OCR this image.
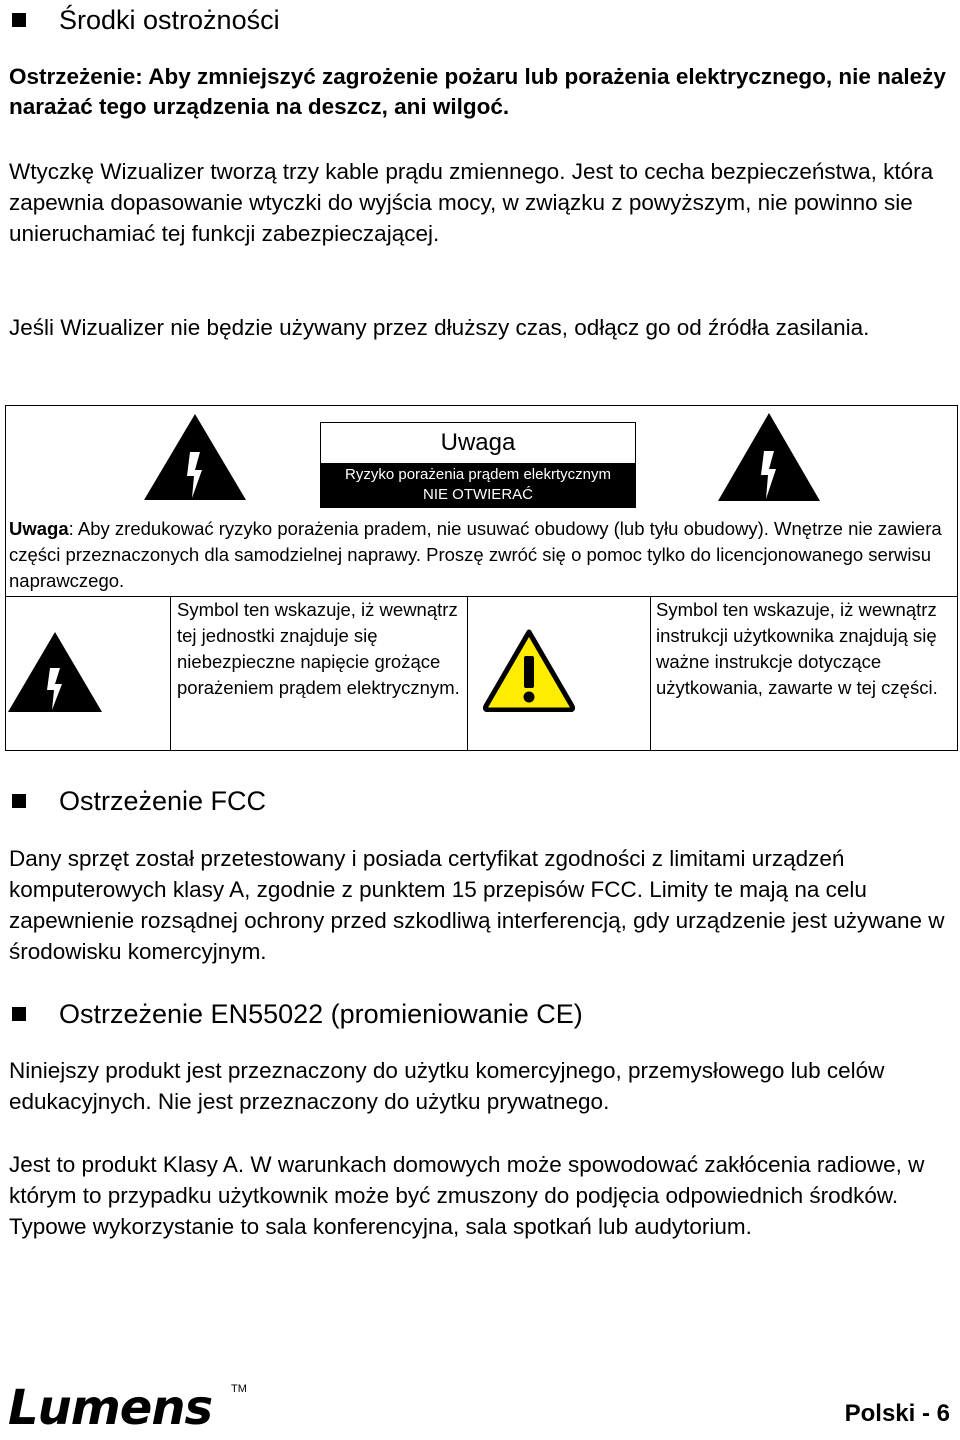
Środki ostrożności
Ostrzeżenie: Aby zmniejszyć zagrożenie pożaru lub porażenia elektrycznego, nie należy narażać tego urządzenia na deszcz, ani wilgoć.
Wtyczkę Wizualizer tworzą trzy kable prądu zmiennego. Jest to cecha bezpieczeństwa, która zapewnia dopasowanie wtyczki do wyjścia mocy, w związku z powyższym, nie powinno sie unieruchamiać tej funkcji zabezpieczającej.
Jeśli Wizualizer nie będzie używany przez dłuższy czas, odłącz go od źródła zasilania.
Uwaga
Ryzyko porażenia prądem elekrtycznym
NIE OTWIERAĆ
Uwaga: Aby zredukować ryzyko porażenia pradem, nie usuwać obudowy (lub tyłu obudowy). Wnętrze nie zawiera części przeznaczonych dla samodzielnej naprawy. Proszę zwróć się o pomoc tylko do licencjonowanego serwisu naprawczego.
Symbol ten wskazuje, iż wewnątrz tej jednostki znajduje się niebezpieczne napięcie grożące porażeniem prądem elektrycznym.
Symbol ten wskazuje, iż wewnątrz instrukcji użytkownika znajdują się ważne instrukcje dotyczące użytkowania, zawarte w tej części.
Ostrzeżenie FCC
Dany sprzęt został przetestowany i posiada certyfikat zgodności z limitami urządzeń komputerowych klasy A, zgodnie z punktem 15 przepisów FCC. Limity te mają na celu zapewnienie rozsądnej ochrony przed szkodliwą interferencją, gdy urządzenie jest używane w środowisku komercyjnym.
Ostrzeżenie EN55022 (promieniowanie CE)
Niniejszy produkt jest przeznaczony do użytku komercyjnego, przemysłowego lub celów edukacyjnych. Nie jest przeznaczony do użytku prywatnego.
Jest to produkt Klasy A. W warunkach domowych może spowodować zakłócenia radiowe, w którym to przypadku użytkownik może być zmuszony do podjęcia odpowiednich środków. Typowe wykorzystanie to sala konferencyjna, sala spotkań lub audytorium.
Lumens TM
Polski - 6
